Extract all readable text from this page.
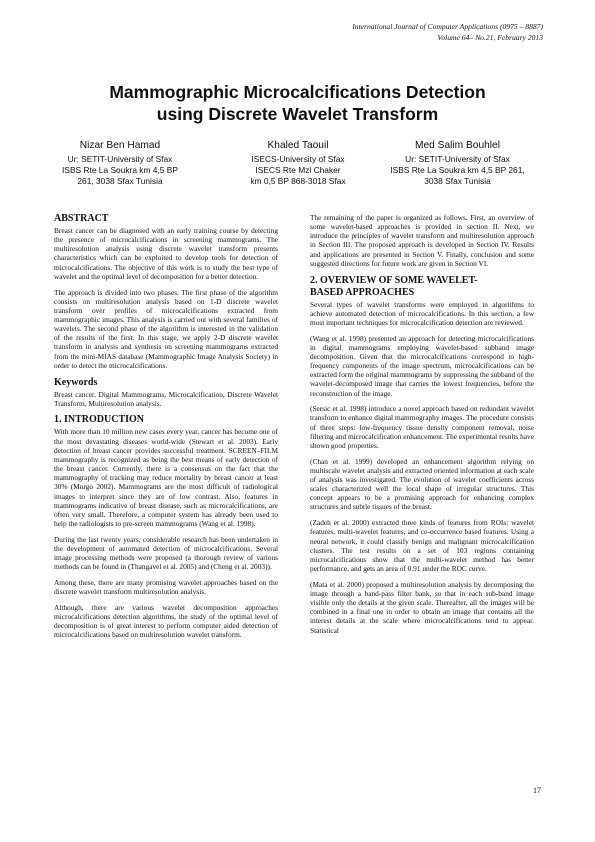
International Journal of Computer Applications (0975 – 8887)
Volume 64– No.21, February 2013
Mammographic Microcalcifications Detection
using Discrete Wavelet Transform
Nizar Ben Hamad
Ur: SETIT-University of Sfax
ISBS Rte La Soukra km 4,5 BP
261, 3038 Sfax Tunisia
Khaled Taouil
ISECS-University of Sfax
ISECS Rte Mzl Chaker
km 0,5 BP 868-3018 Sfax
Med Salim Bouhlel
Ur: SETIT-University of Sfax
ISBS Rte La Soukra km 4,5 BP 261,
3038 Sfax Tunisia
ABSTRACT

Breast cancer can be diagnosed with an early training course by detecting the presence of microcalcifications in screening mammograms. The multiresolution analysis using discrete wavelet transform presents characteristics which can be exploited to develop tools for detection of microcalcifications. The objective of this work is to study the best type of wavelet and the optimal level of decomposition for a better detection.

The approach is divided into two phases. The first phase of the algorithm consists on multiresolution analysis based on 1-D discrete wavelet transform over profiles of microcalcifications extracted from mammographic images. This analysis is carried out with several families of wavelets. The second phase of the algorithm is interested in the validation of the results of the first. In this stage, we apply 2-D discrete wavelet transform in analysis and synthesis on screening mammograms extracted from the mini-MIAS database (Mammographic Image Analysis Society) in order to detect the microcalcifications.

Keywords

Breast cancer, Digital Mammograms, Microcalcification, Discrete Wavelet Transform, Multiresolution analysis.

1. INTRODUCTION

With more than 10 million new cases every year, cancer has become one of the most devastating diseases world-wide (Stewart et al. 2003). Early detection of breast cancer provides successful treatment. SCREEN–FILM mammography is recognized as being the best means of early detection of the breast cancer. Currently, there is a consensus on the fact that the mammography of tracking may reduce mortality by breast cancer at least 30% (Murgo 2002). Mammograms are the most difficult of radiological images to interpret since they are of low contrast. Also, features in mammograms indicative of breast disease, such as microcalcifications, are often very small. Therefore, a computer system has already been used to help the radiologists to pre-screen mammograms (Wang et al. 1998).

During the last twenty years, considerable research has been undertaken in the development of automated detection of microcalcifications. Several image processing methods were proposed (a thorough review of various methods can be found in (Thangavel et al. 2005) and (Cheng et al. 2003)).

Among these, there are many promising wavelet approaches based on the discrete wavelet transform multiresolution analysis.

Although, there are various wavelet decomposition approaches microcalcifications detection algorithms, the study of the optimal level of decomposition is of great interest to perform computer aided detection of microcalcifications based on multiresolution wavelet transform.

The remaining of the paper is organized as follows. First, an overview of some wavelet-based approaches is provided in section II. Next, we introduce the principles of wavelet transform and multiresolution approach in Section III. The proposed approach is developed in Section IV. Results and applications are presented in Section V. Finally, conclusion and some suggested directions for future work are given in Section VI.

2. OVERVIEW OF SOME WAVELET-
BASED APPROACHES

Several types of wavelet transforms were employed in algorithms to achieve automated detection of microcalcifications. In this section, a few most important techniques for microcalcification detection are reviewed.

(Wang et al. 1998) presented an approach for detecting microcalcifications in digital mammograms employing wavelet-based subband image decomposition. Given that the microcalcifications correspond to high-frequency components of the image spectrum, microcalcifications can be extracted form the original mammograms by suppressing the subband of the wavelet-decomposed image that carries the lowest frequencies, before the reconstruction of the image.

(Sersic et al. 1998) introduce a novel approach based on redundant wavelet transform to enhance digital mammography images. The procedure consists of three steps: low-frequency tissue density component removal, noise filtering and microcalcification enhancement. The experimental results have shown good properties.

(Chan et al. 1999) developed an enhancement algorithm relying on multiscale wavelet analysis and extracted oriented information at each scale of analysis was investigated. The evolution of wavelet coefficients across scales characterized well the local shape of irregular structures. This concept appears to be a promising approach for enhancing complex structures and subtle tissues of the breast.

(Zadeh et al. 2000) extracted three kinds of features from ROIs: wavelet features, multi-wavelet features, and co-occurrence based features. Using a neural network, it could classify benign and malignant microcalcification clusters. The test results on a set of 103 regions containing microcalcifications show that the multi-wavelet method has better performance, and gets an area of 0.91 under the ROC curve.

(Mata et al. 2000) proposed a multiresolution analysis by decomposing the image through a band-pass filter bank, so that in each sub-band image visible only the details at the given scale. Thereafter, all the images will be combined in a final one in order to obtain an image that contains all the interest details at the scale where microcalcifications tend to appear. Statistical

17
